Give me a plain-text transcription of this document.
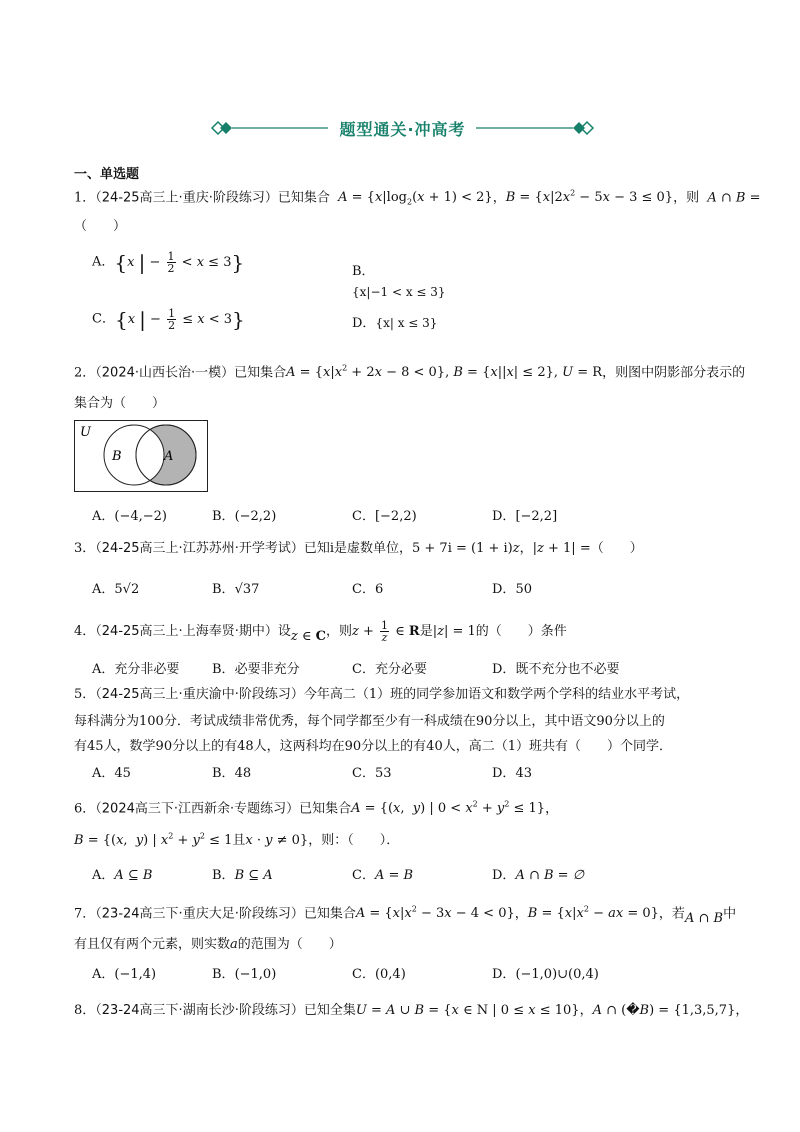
题型通关·冲高考
一、单选题
1．（24-25高三上·重庆·阶段练习）已知集合 $A = \{x|\log_2(x + 1) < 2\}$，$B = \{x|2x^2 - 5x - 3 \le 0\}$，则 A ∩ B =
（　　）
A．{x | − $\frac{1}{2} < x \le 3$}	B．
{x|−1 < x ≤ 3}
C．{x | − $\frac{1}{2} \le x < 3$}	D．{x| x ≤ 3}
2．（2024·山西长治·一模）已知集合$A = \{x|x^2 + 2x - 8 < 0\}$, B = {x||x| ≤ 2}, U = R，则图中阴影部分表示的
集合为（　　）
U
B	A
A．(−4,−2)	B．(−2,2)	C．[−2,2)	D．[−2,2]
3．（24-25高三上·江苏苏州·开学考试）已知i是虚数单位，5 + 7i = (1 + i)z，|z + 1| =（　　）
A．5√2	B．√37	C．6	D．50
4．（24-25高三上·上海奉贤·期中）设z ∈ C，则$z + \frac{1}{z}$ ∈ R是|z| = 1的（　　）条件
A．充分非必要	B．必要非充分	C．充分必要	D．既不充分也不必要
5．（24-25高三上·重庆渝中·阶段练习）今年高二（1）班的同学参加语文和数学两个学科的结业水平考试，
每科满分为100分．考试成绩非常优秀，每个同学都至少有一科成绩在90分以上，其中语文90分以上的
有45人，数学90分以上的有48人，这两科均在90分以上的有40人，高二（1）班共有（　　）个同学．
A．45	B．48	C．53	D．43
6．（2024高三下·江西新余·专题练习）已知集合A = {(x,  y) | $0 < x^2 + y^2 \le 1$}，
B = {(x,  y) | $x^2 + y^2 \le 1$且x · y ≠ 0}，则：（　　）．
A．A ⊆ B	B．B ⊆ A	C．A = B	D．A ∩ B = ∅
7．（23-24高三下·重庆大足·阶段练习）已知集合$A = \{x|x^2 - 3x - 4 < 0\}$，$B = \{x|x^2$ − ax = 0}，若A ∩ B中
有且仅有两个元素，则实数a的范围为（　　）
A．(−1,4)	B．(−1,0)	C．(0,4)	D．(−1,0)∪(0,4)
8．（23-24高三下·湖南长沙·阶段练习）已知全集U = A ∪ B = {x ∈ N | 0 ≤ x ≤ 10}，A ∩ (�B) = {1,3,5,7}，
